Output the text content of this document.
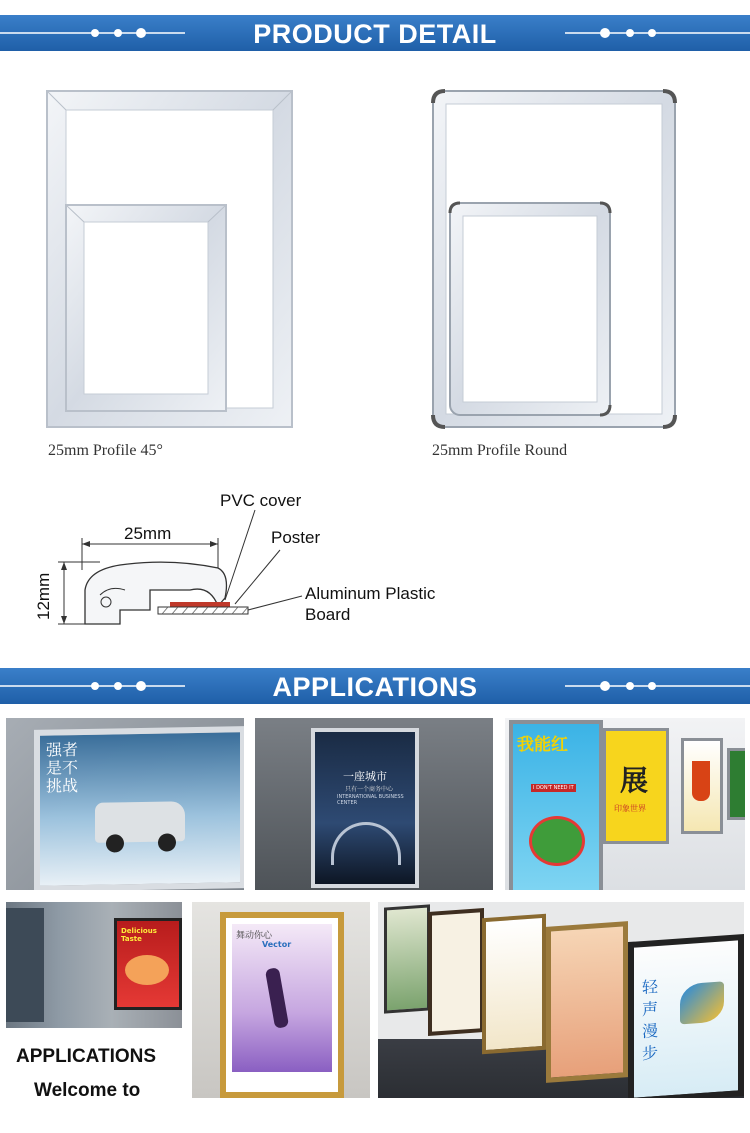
PRODUCT DETAIL
25mm Profile 45°	25mm Profile Round
25mm
12mm
PVC cover
Poster
Aluminum Plastic
Board
APPLICATIONS
强者 是不 挑战	一座城市
只有一个商务中心
INTERNATIONAL BUSINESS CENTER
我能红
I DON'T NEED IT 展
印象世界
Delicious Taste
APPLICATIONS
Welcome to
舞动你心
Vector
轻声漫步
